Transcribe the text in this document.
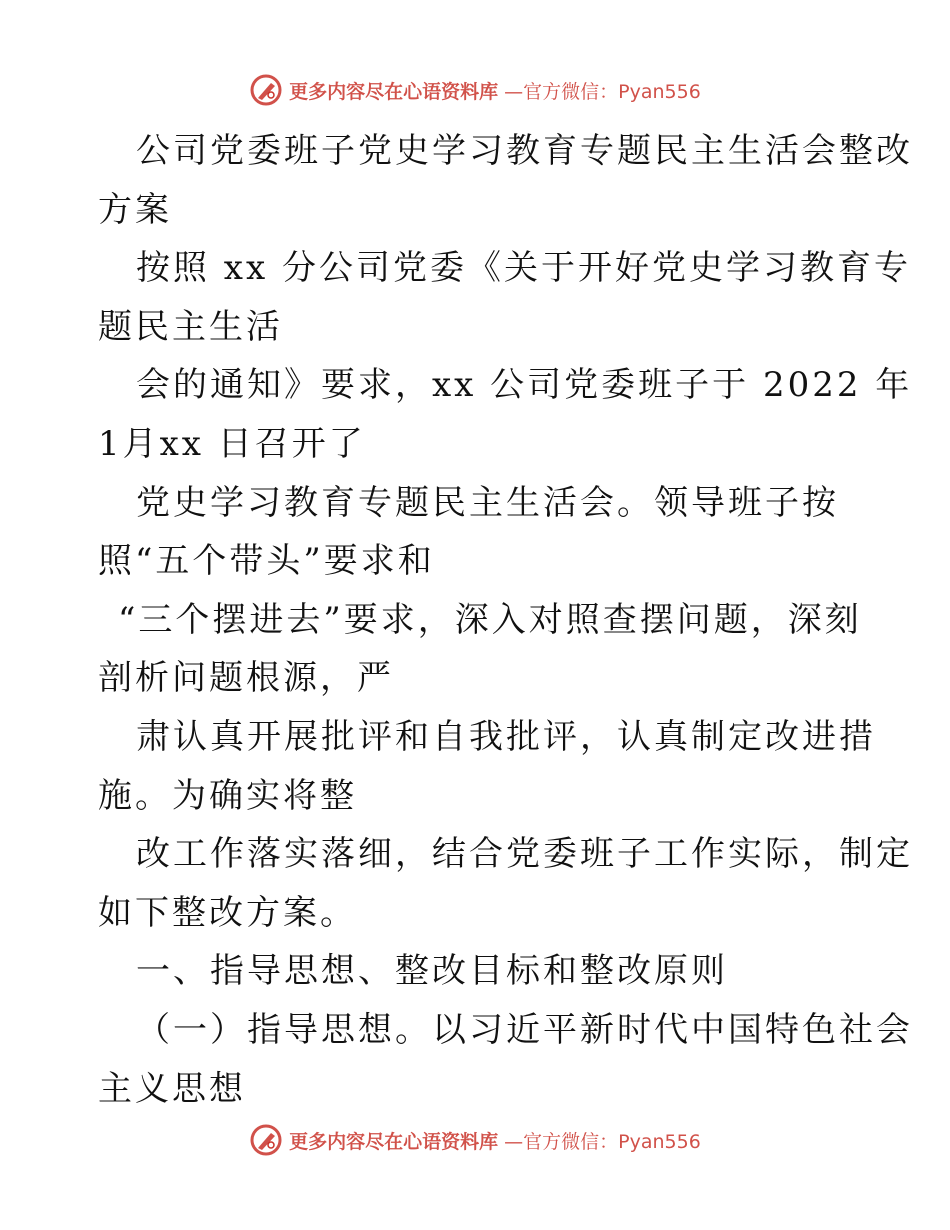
更多内容尽在心语资料库 —官方微信：Pyan556
公司党委班子党史学习教育专题民主生活会整改
方案
按照 xx 分公司党委《关于开好党史学习教育专
题民主生活
会的通知》要求，xx 公司党委班子于 2022 年
1月xx 日召开了
党史学习教育专题民主生活会。领导班子按
照“五个带头”要求和
“三个摆进去”要求，深入对照查摆问题，深刻
剖析问题根源，严
肃认真开展批评和自我批评，认真制定改进措
施。为确实将整
改工作落实落细，结合党委班子工作实际，制定
如下整改方案。
一、指导思想、整改目标和整改原则
（一）指导思想。以习近平新时代中国特色社会
主义思想
更多内容尽在心语资料库 —官方微信：Pyan556
